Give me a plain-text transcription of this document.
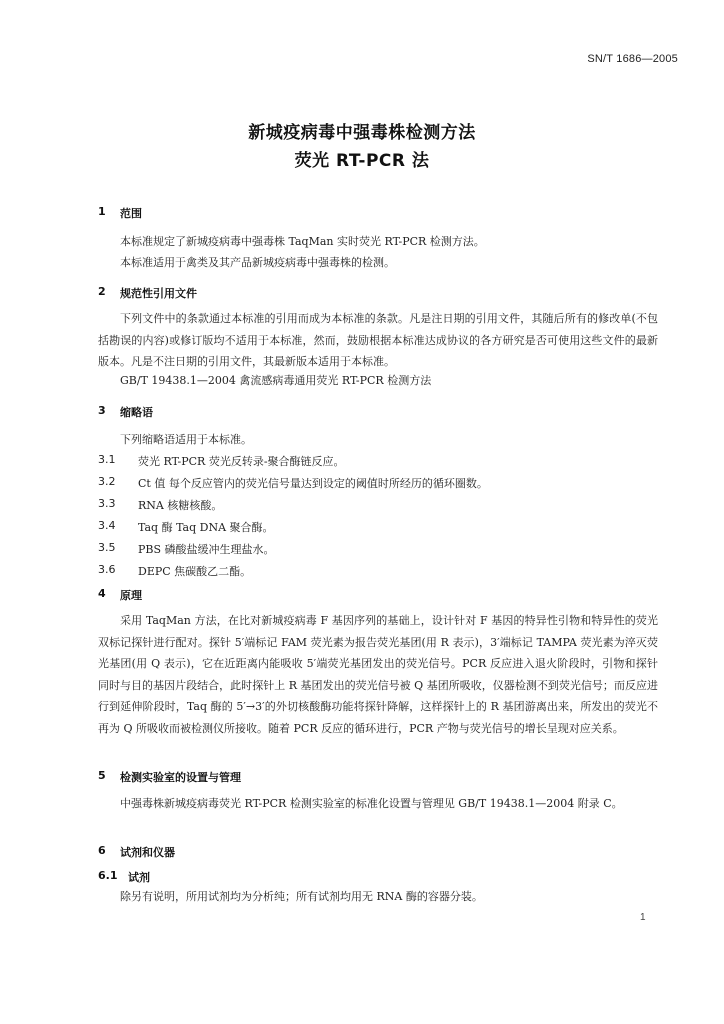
SN/T 1686—2005
新城疫病毒中强毒株检测方法
荧光 RT-PCR 法
1 范围
本标准规定了新城疫病毒中强毒株 TaqMan 实时荧光 RT-PCR 检测方法。
本标准适用于禽类及其产品新城疫病毒中强毒株的检测。
2 规范性引用文件
下列文件中的条款通过本标准的引用而成为本标准的条款。凡是注日期的引用文件，其随后所有的修改单(不包括勘误的内容)或修订版均不适用于本标准，然而，鼓励根据本标准达成协议的各方研究是否可使用这些文件的最新版本。凡是不注日期的引用文件，其最新版本适用于本标准。
GB/T 19438.1—2004 禽流感病毒通用荧光 RT-PCR 检测方法
3 缩略语
下列缩略语适用于本标准。
3.1 荧光 RT-PCR 荧光反转录-聚合酶链反应。
3.2 Ct 值 每个反应管内的荧光信号量达到设定的阈值时所经历的循环圈数。
3.3 RNA 核糖核酸。
3.4 Taq 酶 Taq DNA 聚合酶。
3.5 PBS 磷酸盐缓冲生理盐水。
3.6 DEPC 焦碳酸乙二酯。
4 原理
采用 TaqMan 方法，在比对新城疫病毒 F 基因序列的基础上，设计针对 F 基因的特异性引物和特异性的荧光双标记探针进行配对。探针 5′端标记 FAM 荧光素为报告荧光基团(用 R 表示)，3′端标记 TAMPA 荧光素为淬灭荧光基团(用 Q 表示)，它在近距离内能吸收 5′端荧光基团发出的荧光信号。PCR 反应进入退火阶段时，引物和探针同时与目的基因片段结合，此时探针上 R 基团发出的荧光信号被 Q 基团所吸收，仪器检测不到荧光信号；而反应进行到延伸阶段时，Taq 酶的 5′→3′的外切核酸酶功能将探针降解，这样探针上的 R 基团游离出来，所发出的荧光不再为 Q 所吸收而被检测仪所接收。随着 PCR 反应的循环进行，PCR 产物与荧光信号的增长呈现对应关系。
5 检测实验室的设置与管理
中强毒株新城疫病毒荧光 RT-PCR 检测实验室的标准化设置与管理见 GB/T 19438.1—2004 附录 C。
6 试剂和仪器
6.1 试剂
除另有说明，所用试剂均为分析纯；所有试剂均用无 RNA 酶的容器分装。
1
